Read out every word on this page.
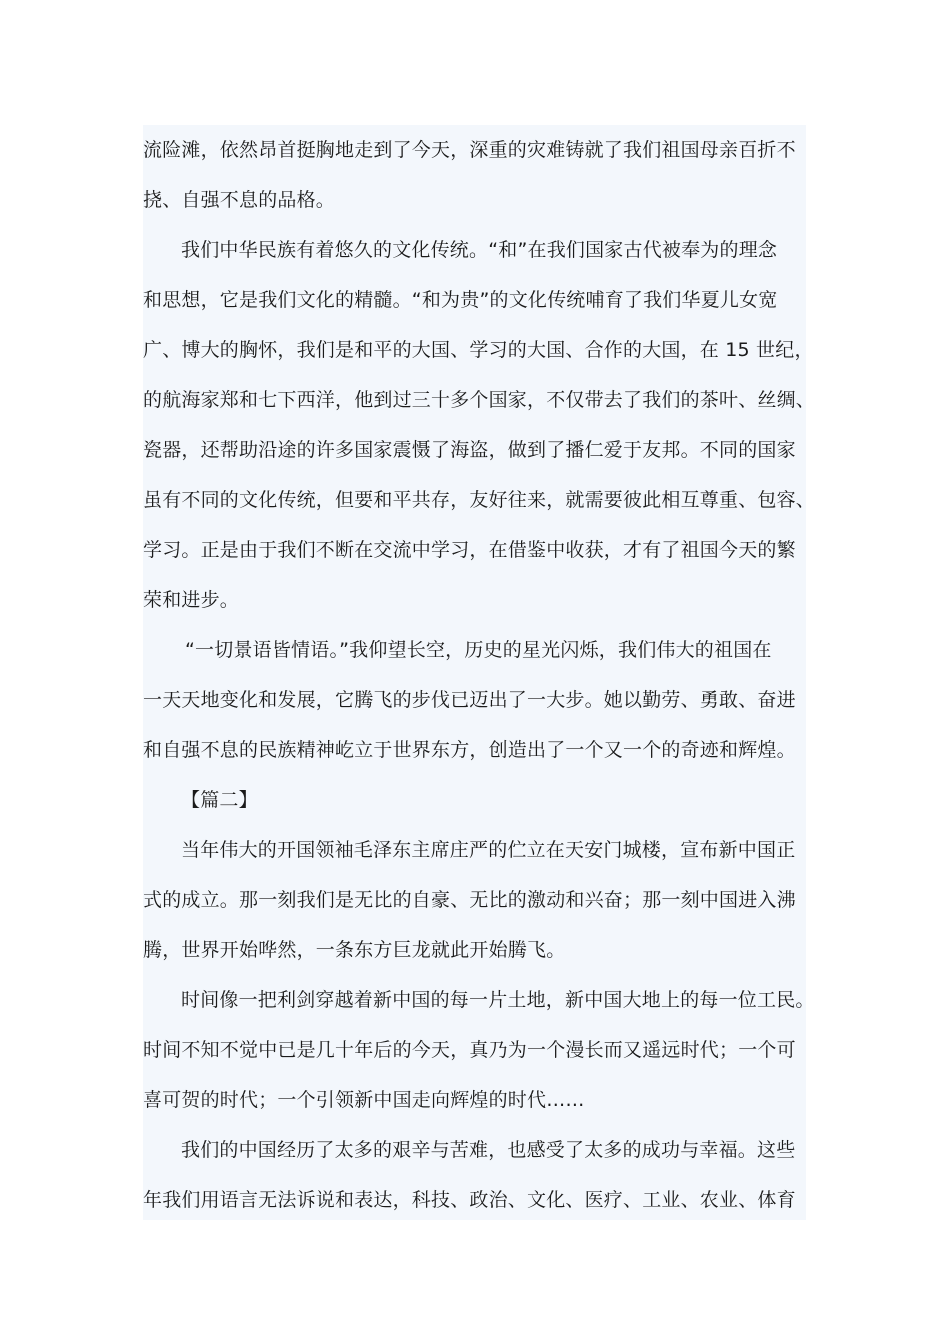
流险滩，依然昂首挺胸地走到了今天，深重的灾难铸就了我们祖国母亲百折不
挠、自强不息的品格。
我们中华民族有着悠久的文化传统。“和”在我们国家古代被奉为的理念
和思想，它是我们文化的精髓。“和为贵”的文化传统哺育了我们华夏儿女宽
广、博大的胸怀，我们是和平的大国、学习的大国、合作的大国，在 15 世纪，
的航海家郑和七下西洋，他到过三十多个国家，不仅带去了我们的茶叶、丝绸、
瓷器，还帮助沿途的许多国家震慑了海盗，做到了播仁爱于友邦。不同的国家
虽有不同的文化传统，但要和平共存，友好往来，就需要彼此相互尊重、包容、
学习。正是由于我们不断在交流中学习，在借鉴中收获，才有了祖国今天的繁
荣和进步。
“一切景语皆情语。”我仰望长空，历史的星光闪烁，我们伟大的祖国在
一天天地变化和发展，它腾飞的步伐已迈出了一大步。她以勤劳、勇敢、奋进
和自强不息的民族精神屹立于世界东方，创造出了一个又一个的奇迹和辉煌。
【篇二】
当年伟大的开国领袖毛泽东主席庄严的伫立在天安门城楼，宣布新中国正
式的成立。那一刻我们是无比的自豪、无比的激动和兴奋；那一刻中国进入沸
腾，世界开始哗然，一条东方巨龙就此开始腾飞。
时间像一把利剑穿越着新中国的每一片土地，新中国大地上的每一位工民。
时间不知不觉中已是几十年后的今天，真乃为一个漫长而又遥远时代；一个可
喜可贺的时代；一个引领新中国走向辉煌的时代……
我们的中国经历了太多的艰辛与苦难，也感受了太多的成功与幸福。这些
年我们用语言无法诉说和表达，科技、政治、文化、医疗、工业、农业、体育
